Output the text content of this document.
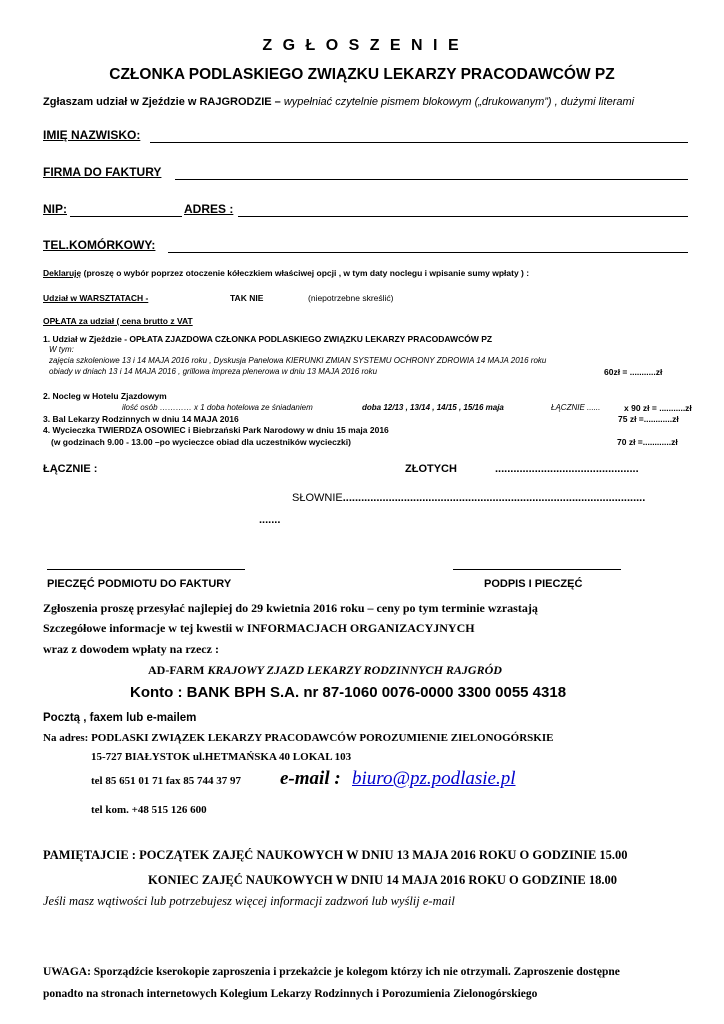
Z G Ł O S Z E N I E
CZŁONKA PODLASKIEGO ZWIĄZKU LEKARZY PRACODAWCÓW PZ
Zgłaszam udział w Zjeździe w RAJGRODZIE – wypełniać czytelnie pismem blokowym („drukowanym”) , dużymi literami
IMIĘ NAZWISKO:
FIRMA DO FAKTURY
NIP:	ADRES :
TEL.KOMÓRKOWY:
Deklaruję (proszę o wybór poprzez otoczenie kółeczkiem właściwej opcji , w tym daty noclegu i wpisanie sumy wpłaty ) :
Udział w WARSZTATACH -	TAK NIE	(niepotrzebne skreślić)
OPŁATA za udział ( cena brutto z VAT
1. Udział w Zjeździe - OPŁATA ZJAZDOWA CZŁONKA PODLASKIEGO ZWIĄZKU LEKARZY PRACODAWCÓW PZ
W tym:
zajęcia szkoleniowe 13 i 14 MAJA 2016 roku , Dyskusja Panelowa KIERUNKI ZMIAN SYSTEMU OCHRONY ZDROWIA 14 MAJA 2016 roku
obiady w dniach 13 i 14 MAJA 2016 , grillowa impreza plenerowa w dniu 13 MAJA 2016 roku	60zł = ...........zł
2. Nocleg w Hotelu Zjazdowym
ilość osób ………… x 1 doba hotelowa ze śniadaniem	doba 12/13 , 13/14 , 14/15 , 15/16 maja	ŁĄCZNIE ......	x 90 zł = ...........zł
3. Bal Lekarzy Rodzinnych w dniu 14 MAJA 2016	75 zł =............zł
4. Wycieczka TWIERDZA OSOWIEC i Biebrzański Park Narodowy w dniu 15 maja 2016
(w godzinach 9.00 - 13.00 –po wycieczce obiad dla uczestników wycieczki)	70 zł =............zł
ŁĄCZNIE :	ZŁOTYCH	...............................................
SŁOWNIE...................................................................................................
.......
PIECZĘĆ PODMIOTU DO FAKTURY	PODPIS I PIECZĘĆ
Zgłoszenia proszę przesyłać najlepiej do 29 kwietnia 2016 roku – ceny po tym terminie wzrastają
Szczegółowe informacje w tej kwestii w INFORMACJACH ORGANIZACYJNYCH
wraz z dowodem wpłaty na rzecz :
AD-FARM KRAJOWY ZJAZD LEKARZY RODZINNYCH RAJGRÓD
Konto : BANK BPH S.A. nr 87-1060 0076-0000 3300 0055 4318
Pocztą , faxem lub e-mailem
Na adres: PODLASKI ZWIĄZEK LEKARZY PRACODAWCÓW POROZUMIENIE ZIELONOGÓRSKIE
15-727 BIAŁYSTOK ul.HETMAŃSKA 40 LOKAL 103
tel 85 651 01 71 fax 85 744 37 97 e-mail : biuro@pz.podlasie.pl
tel kom. +48 515 126 600
PAMIĘTAJCIE : POCZĄTEK ZAJĘĆ NAUKOWYCH W DNIU 13 MAJA 2016 ROKU O GODZINIE 15.00
KONIEC ZAJĘĆ NAUKOWYCH W DNIU 14 MAJA 2016 ROKU O GODZINIE 18.00
Jeśli masz wątiwości lub potrzebujesz więcej informacji zadzwoń lub wyślij e-mail
UWAGA: Sporządźcie kserokopie zaproszenia i przekażcie je kolegom którzy ich nie otrzymali. Zaproszenie dostępne
ponadto na stronach internetowych Kolegium Lekarzy Rodzinnych i Porozumienia Zielonogórskiego
